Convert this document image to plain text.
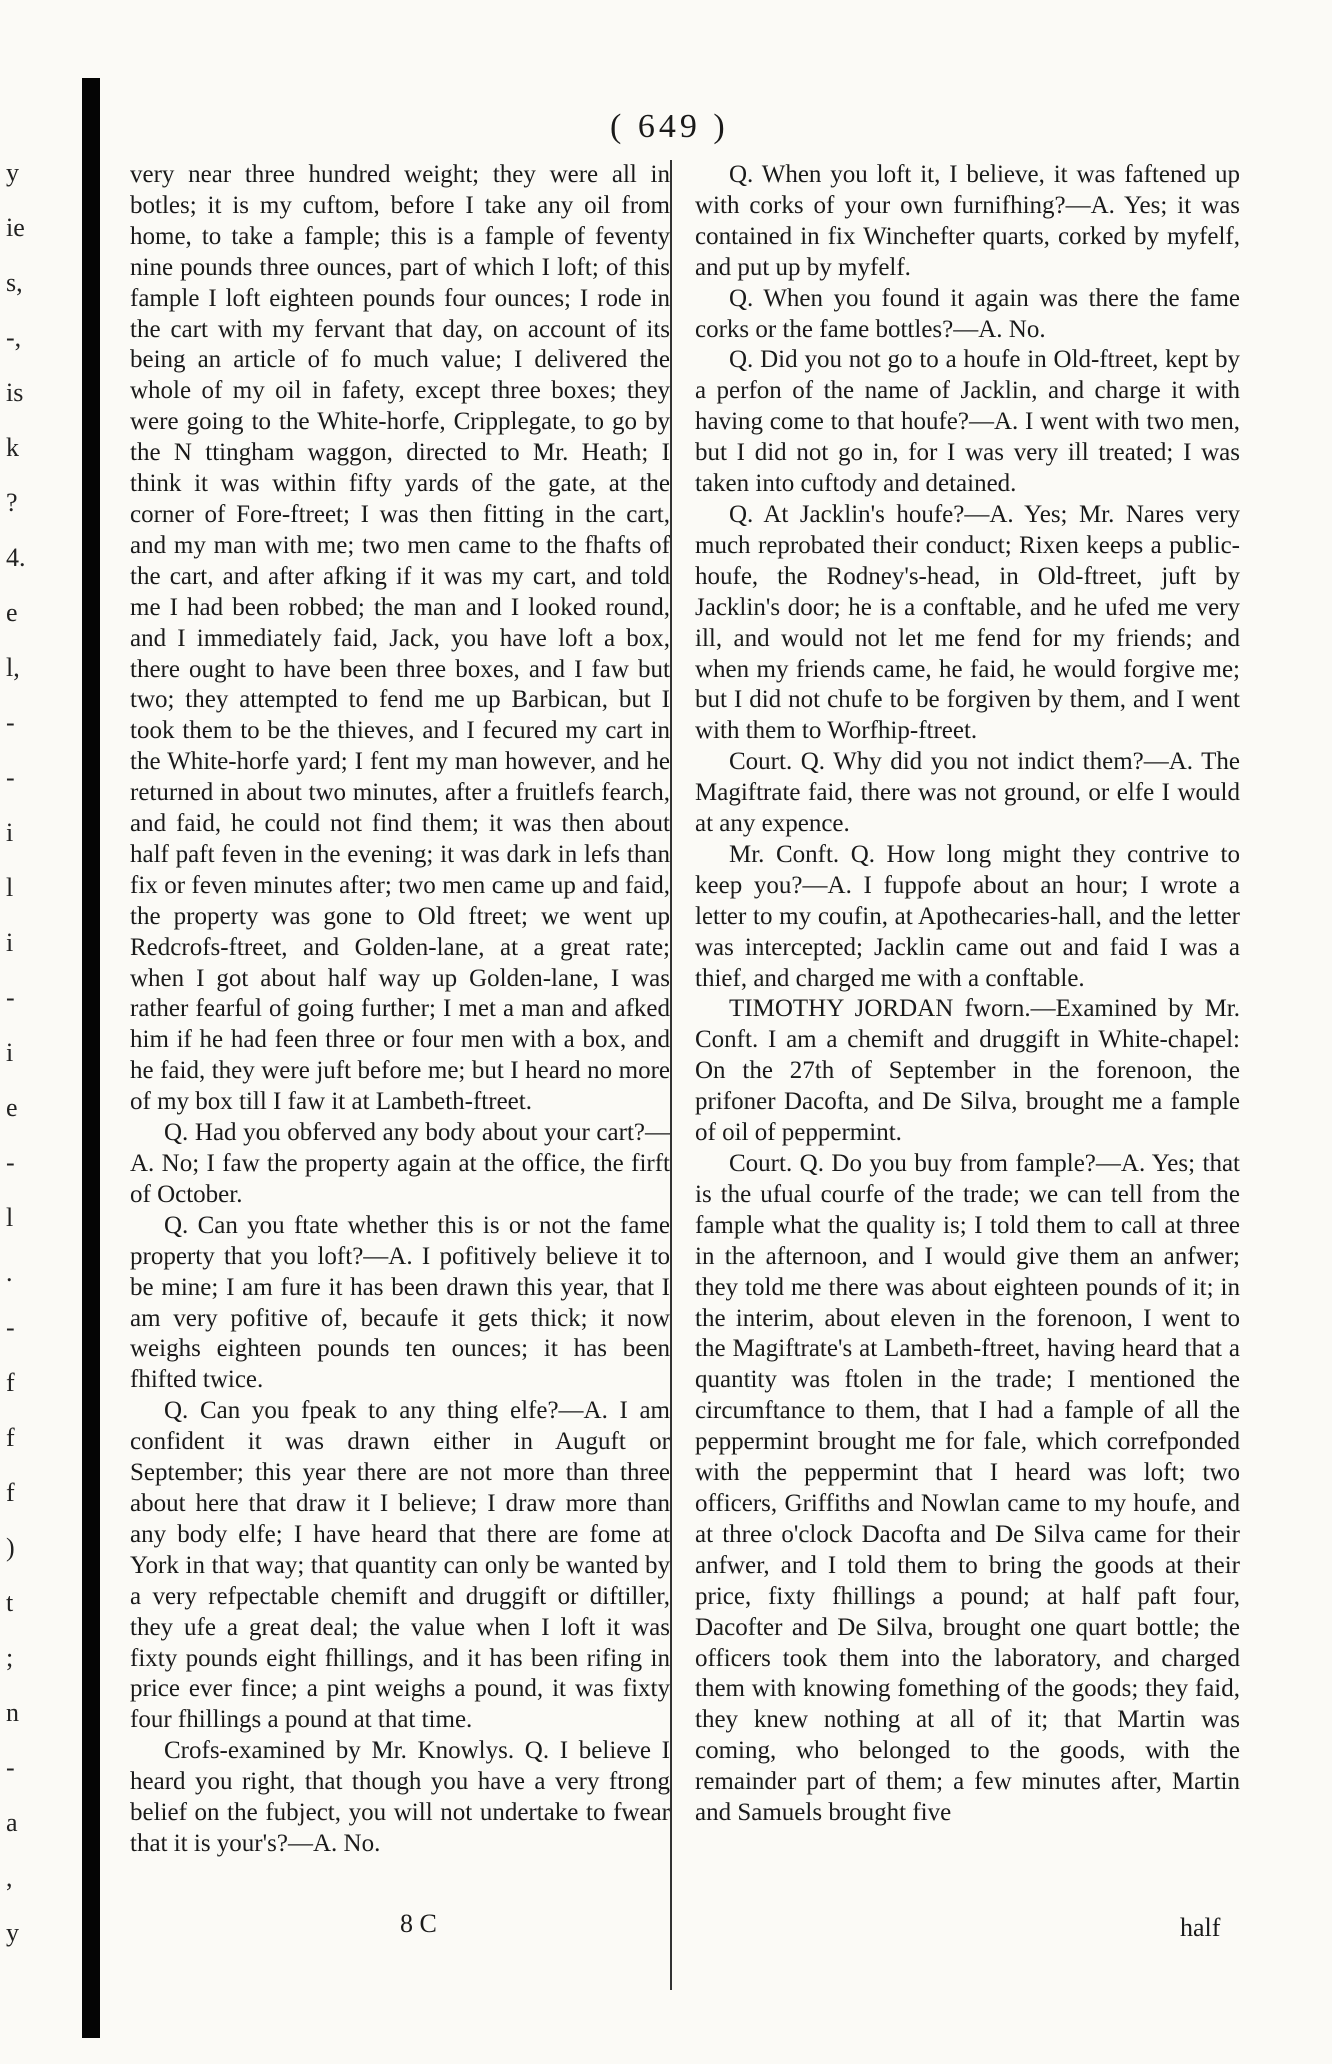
y
ie
s,
-,
is
k
?
4.
e
l,
-
-
i
l
i
-
i
e
-
l
.
-
f
f
f
)
t
;
n
-
a
,
y
( 649 )

very near three hundred weight; they were all in botles; it is my cuftom, before I take any oil from home, to take a fample; this is a fample of feventy nine pounds three ounces, part of which I loft; of this fample I loft eighteen pounds four ounces; I rode in the cart with my fervant that day, on account of its being an article of fo much value; I delivered the whole of my oil in fafety, except three boxes; they were going to the White-horfe, Cripplegate, to go by the N ttingham waggon, directed to Mr. Heath; I think it was within fifty yards of the gate, at the corner of Fore-ftreet; I was then fitting in the cart, and my man with me; two men came to the fhafts of the cart, and after afking if it was my cart, and told me I had been robbed; the man and I looked round, and I immediately faid, Jack, you have loft a box, there ought to have been three boxes, and I faw but two; they attempted to fend me up Barbican, but I took them to be the thieves, and I fecured my cart in the White-horfe yard; I fent my man however, and he returned in about two minutes, after a fruitlefs fearch, and faid, he could not find them; it was then about half paft feven in the evening; it was dark in lefs than fix or feven minutes after; two men came up and faid, the property was gone to Old ftreet; we went up Redcrofs-ftreet, and Golden-lane, at a great rate; when I got about half way up Golden-lane, I was rather fearful of going further; I met a man and afked him if he had feen three or four men with a box, and he faid, they were juft before me; but I heard no more of my box till I faw it at Lambeth-ftreet.

Q. Had you obferved any body about your cart?—A. No; I faw the property again at the office, the firft of October.

Q. Can you ftate whether this is or not the fame property that you loft?—A. I pofitively believe it to be mine; I am fure it has been drawn this year, that I am very pofitive of, becaufe it gets thick; it now weighs eighteen pounds ten ounces; it has been fhifted twice.

Q. Can you fpeak to any thing elfe?—A. I am confident it was drawn either in Auguft or September; this year there are not more than three about here that draw it I believe; I draw more than any body elfe; I have heard that there are fome at York in that way; that quantity can only be wanted by a very refpectable chemift and druggift or diftiller, they ufe a great deal; the value when I loft it was fixty pounds eight fhillings, and it has been rifing in price ever fince; a pint weighs a pound, it was fixty four fhillings a pound at that time.

Crofs-examined by Mr. Knowlys. Q. I believe I heard you right, that though you have a very ftrong belief on the fubject, you will not undertake to fwear that it is your's?—A. No.

Q. When you loft it, I believe, it was faftened up with corks of your own furnifhing?—A. Yes; it was contained in fix Winchefter quarts, corked by myfelf, and put up by myfelf.

Q. When you found it again was there the fame corks or the fame bottles?—A. No.

Q. Did you not go to a houfe in Old-ftreet, kept by a perfon of the name of Jacklin, and charge it with having come to that houfe?—A. I went with two men, but I did not go in, for I was very ill treated; I was taken into cuftody and detained.

Q. At Jacklin's houfe?—A. Yes; Mr. Nares very much reprobated their conduct; Rixen keeps a public-houfe, the Rodney's-head, in Old-ftreet, juft by Jacklin's door; he is a conftable, and he ufed me very ill, and would not let me fend for my friends; and when my friends came, he faid, he would forgive me; but I did not chufe to be forgiven by them, and I went with them to Worfhip-ftreet.

Court. Q. Why did you not indict them?—A. The Magiftrate faid, there was not ground, or elfe I would at any expence.

Mr. Conft. Q. How long might they contrive to keep you?—A. I fuppofe about an hour; I wrote a letter to my coufin, at Apothecaries-hall, and the letter was intercepted; Jacklin came out and faid I was a thief, and charged me with a conftable.

TIMOTHY JORDAN fworn.—Examined by Mr. Conft. I am a chemift and druggift in White-chapel: On the 27th of September in the forenoon, the prifoner Dacofta, and De Silva, brought me a fample of oil of peppermint.

Court. Q. Do you buy from fample?—A. Yes; that is the ufual courfe of the trade; we can tell from the fample what the quality is; I told them to call at three in the afternoon, and I would give them an anfwer; they told me there was about eighteen pounds of it; in the interim, about eleven in the forenoon, I went to the Magiftrate's at Lambeth-ftreet, having heard that a quantity was ftolen in the trade; I mentioned the circumftance to them, that I had a fample of all the peppermint brought me for fale, which correfponded with the peppermint that I heard was loft; two officers, Griffiths and Nowlan came to my houfe, and at three o'clock Dacofta and De Silva came for their anfwer, and I told them to bring the goods at their price, fixty fhillings a pound; at half paft four, Dacofter and De Silva, brought one quart bottle; the officers took them into the laboratory, and charged them with knowing fomething of the goods; they faid, they knew nothing at all of it; that Martin was coming, who belonged to the goods, with the remainder part of them; a few minutes after, Martin and Samuels brought five

8 C	half
